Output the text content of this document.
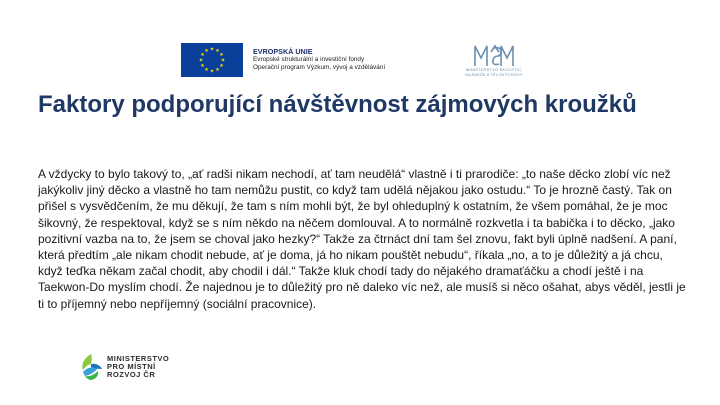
★ ★
★
★
★
★
★
★
★
★
★
★	EVROPSKÁ UNIE
Evropské strukturální a investiční fondy
Operační program Výzkum, vývoj a vzdělávání	MINISTERSTVO ŠKOLSTVÍ,
MLÁDEŽE A TĚLOVÝCHOVY
Faktory podporující návštěvnost zájmových kroužků

A vždycky to bylo takový to, „ať radši nikam nechodí, ať tam neudělá“ vlastně i ti prarodiče: „to naše děcko zlobí víc než jakýkoliv jiný děcko a vlastně ho tam nemůžu pustit, co když tam udělá nějakou jako ostudu.“ To je hrozně častý. Tak on přišel s vysvědčením, že mu děkují, že tam s ním mohli být, že byl ohleduplný k ostatním, že všem pomáhal, že je moc šikovný, že respektoval, když se s ním někdo na něčem domlouval. A to normálně rozkvetla i ta babička i to děcko, „jako pozitivní vazba na to, že jsem se choval jako hezky?“ Takže za čtrnáct dní tam šel znovu, fakt byli úplně nadšení. A paní, která předtím „ale nikam chodit nebude, ať je doma, já ho nikam pouštět nebudu“, říkala „no, a to je důležitý a já chcu, když teďka někam začal chodit, aby chodil i dál.“ Takže kluk chodí tady do nějakého dramaťáčku a chodí ještě i na Taekwon-Do myslím chodí. Že najednou je to důležitý pro ně daleko víc než, ale musíš si něco ošahat, abys věděl, jestli je ti to příjemný nebo nepříjemný (sociální pracovnice).

MINISTERSTVO
PRO MÍSTNÍ
ROZVOJ ČR
